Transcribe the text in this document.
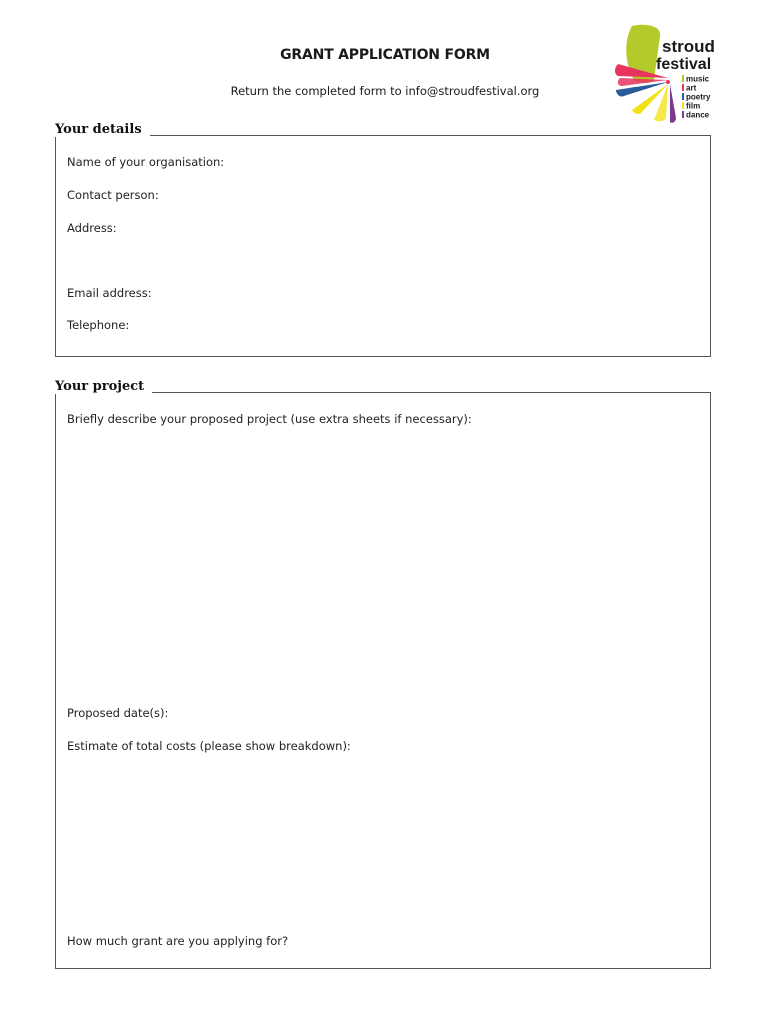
GRANT APPLICATION FORM
Return the completed form to info@stroudfestival.org
stroud
festival
music
art
poetry
film
dance
Your details
Name of your organisation:
Contact person:
Address:
Email address:
Telephone:
Your project
Briefly describe your proposed project (use extra sheets if necessary):
Proposed date(s):
Estimate of total costs (please show breakdown):
How much grant are you applying for?
